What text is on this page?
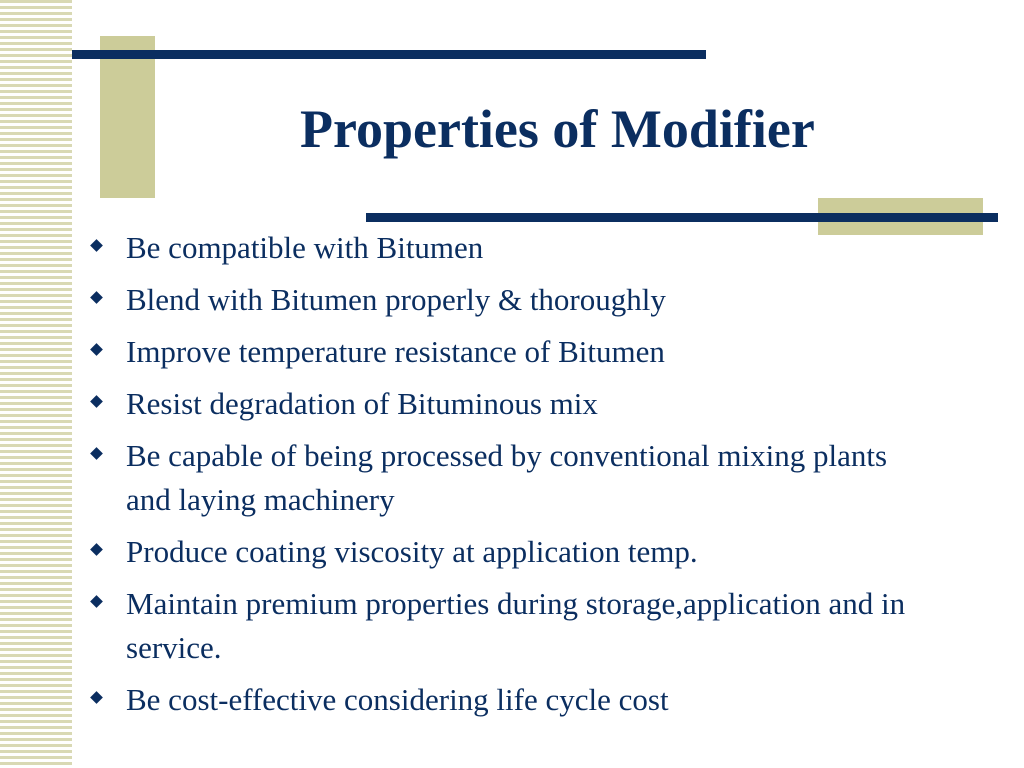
Properties of Modifier
Be compatible with Bitumen
Blend with Bitumen properly & thoroughly
Improve temperature resistance of Bitumen
Resist degradation of Bituminous mix
Be capable of being processed by conventional mixing plants and laying machinery
Produce coating viscosity at application temp.
Maintain premium properties during storage,application and in service.
Be cost-effective considering life cycle cost
